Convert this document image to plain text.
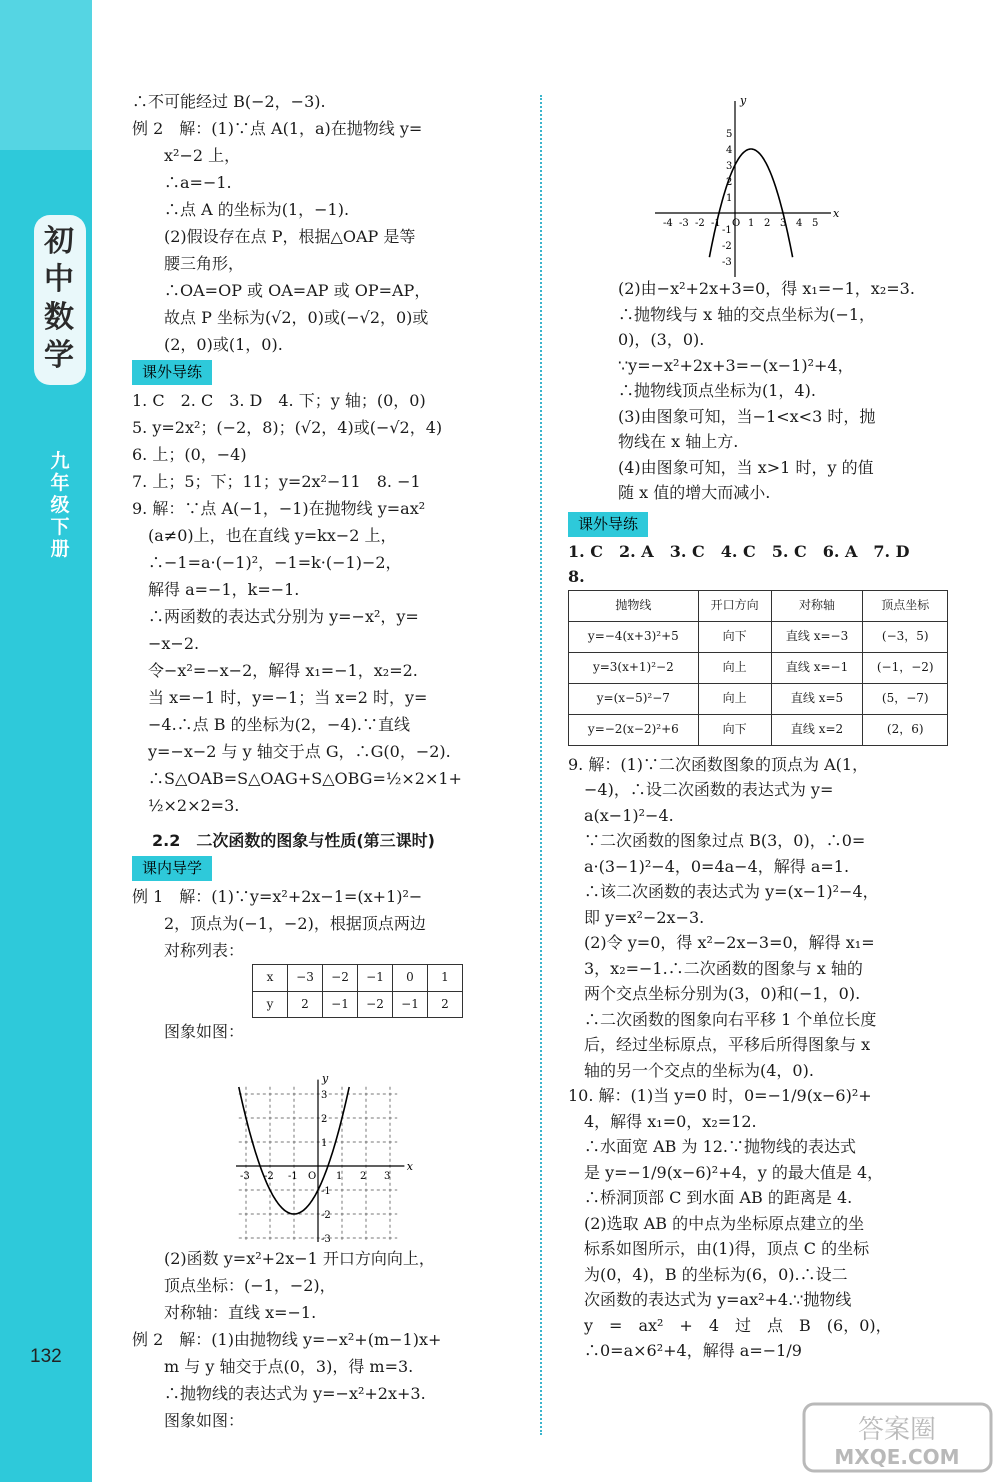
初
中
数
学
九
年
级
下
册
132

∴不可能经过 B(−2，−3).

例 2　解：(1)∵点 A(1，a)在抛物线 y=

　　x²−2 上，

　　∴a=−1.

　　∴点 A 的坐标为(1，−1).

　　(2)假设存在点 P，根据△OAP 是等

　　腰三角形，

　　∴OA=OP 或 OA=AP 或 OP=AP，

　　故点 P 坐标为(√2，0)或(−√2，0)或

　　(2，0)或(1，0).

课外导练

1. C　2. C　3. D　4. 下；y 轴；(0，0)

5. y=2x²；(−2，8)；(√2，4)或(−√2，4)

6. 上；(0，−4)

7. 上；5；下；11；y=2x²−11　8. −1

9. 解：∵点 A(−1，−1)在抛物线 y=ax²

　(a≠0)上，也在直线 y=kx−2 上，

　∴−1=a·(−1)²，−1=k·(−1)−2，

　解得 a=−1，k=−1.

　∴两函数的表达式分别为 y=−x²，y=

　−x−2.

　令−x²=−x−2，解得 x₁=−1，x₂=2.

　当 x=−1 时，y=−1；当 x=2 时，y=

　−4.∴点 B 的坐标为(2，−4).∵直线

　y=−x−2 与 y 轴交于点 G，∴G(0，−2).

　∴S△OAB=S△OAG+S△OBG=½×2×1+

　½×2×2=3.

2.2　二次函数的图象与性质(第三课时)

课内导学

例 1　解：(1)∵y=x²+2x−1=(x+1)²−

　　2，顶点为(−1，−2)，根据顶点两边

　　对称列表：

x	−3	−2	−1	0	1
y	2	−1	−2	−1	2

　　图象如图：

　　(2)函数 y=x²+2x−1 开口方向向上，

　　顶点坐标：(−1，−2)，

　　对称轴：直线 x=−1.

例 2　解：(1)由抛物线 y=−x²+(m−1)x+

　　m 与 y 轴交于点(0，3)，得 m=3.

　　∴抛物线的表达式为 y=−x²+2x+3.

　　图象如图：

x
y
-3 -2 -1 O 1 2 3
3
2
1
-1
-2
-3
x
y
-4 -3 -2 -1 O 1 2 3 4 5
5
4
3
2
1
-1
-2
-3

(2)由−x²+2x+3=0，得 x₁=−1，x₂=3.

∴抛物线与 x 轴的交点坐标为(−1，

0)，(3，0).

∵y=−x²+2x+3=−(x−1)²+4，

∴抛物线顶点坐标为(1，4).

(3)由图象可知，当−1<x<3 时，抛

物线在 x 轴上方.

(4)由图象可知，当 x>1 时，y 的值

随 x 值的增大而减小.

课外导练

1. C　2. A　3. C　4. C　5. C　6. A　7. D

8.

抛物线	开口方向	对称轴	顶点坐标
y=−4(x+3)²+5	向下	直线 x=−3	(−3，5)
y=3(x+1)²−2	向上	直线 x=−1	(−1，−2)
y=(x−5)²−7	向上	直线 x=5	(5，−7)
y=−2(x−2)²+6	向下	直线 x=2	(2，6)

9. 解：(1)∵二次函数图象的顶点为 A(1，

　−4)，∴设二次函数的表达式为 y=

　a(x−1)²−4.

　∵二次函数的图象过点 B(3，0)，∴0=

　a·(3−1)²−4，0=4a−4，解得 a=1.

　∴该二次函数的表达式为 y=(x−1)²−4，

　即 y=x²−2x−3.

　(2)令 y=0，得 x²−2x−3=0，解得 x₁=

　3，x₂=−1.∴二次函数的图象与 x 轴的

　两个交点坐标分别为(3，0)和(−1，0).

　∴二次函数的图象向右平移 1 个单位长度

　后，经过坐标原点，平移后所得图象与 x

　轴的另一个交点的坐标为(4，0).

10. 解：(1)当 y=0 时，0=−1/9(x−6)²+

　4，解得 x₁=0，x₂=12.

　∴水面宽 AB 为 12.∵抛物线的表达式

　是 y=−1/9(x−6)²+4，y 的最大值是 4，

　∴桥洞顶部 C 到水面 AB 的距离是 4.

　(2)选取 AB 的中点为坐标原点建立的坐

　标系如图所示，由(1)得，顶点 C 的坐标

　为(0，4)，B 的坐标为(6，0).∴设二

　次函数的表达式为 y=ax²+4.∵抛物线

　y　=　ax²　+　4　过　点　B　(6，0)，

　∴0=a×6²+4，解得 a=−1/9

答案圈
MXQE.COM
